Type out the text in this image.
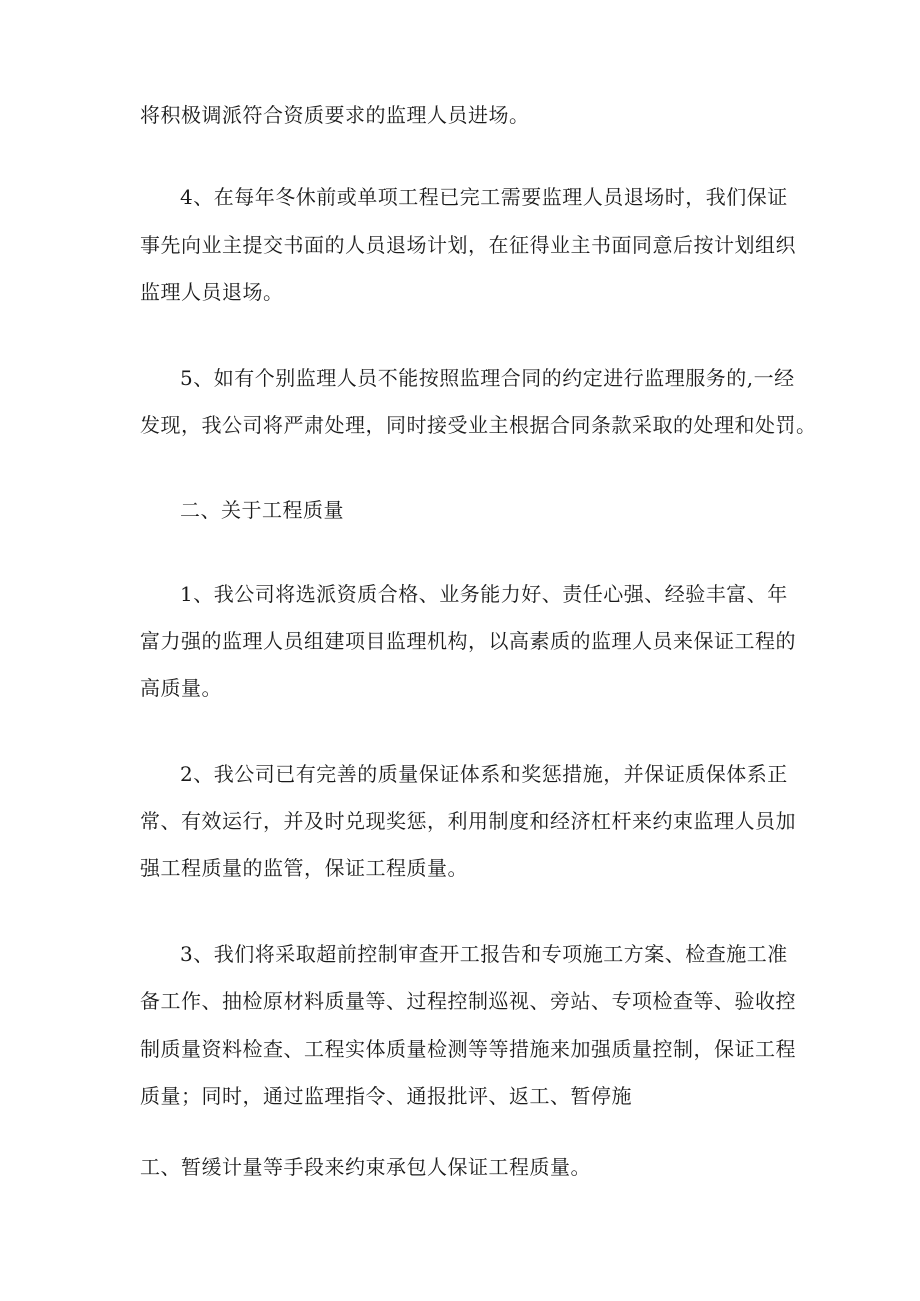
将积极调派符合资质要求的监理人员进场。
4、在每年冬休前或单项工程已完工需要监理人员退场时，我们保证
事先向业主提交书面的人员退场计划，在征得业主书面同意后按计划组织
监理人员退场。
5、如有个别监理人员不能按照监理合同的约定进行监理服务的,一经
发现，我公司将严肃处理，同时接受业主根据合同条款采取的处理和处罚。
二、关于工程质量
1、我公司将选派资质合格、业务能力好、责任心强、经验丰富、年
富力强的监理人员组建项目监理机构，以高素质的监理人员来保证工程的
高质量。
2、我公司已有完善的质量保证体系和奖惩措施，并保证质保体系正
常、有效运行，并及时兑现奖惩，利用制度和经济杠杆来约束监理人员加
强工程质量的监管，保证工程质量。
3、我们将采取超前控制审查开工报告和专项施工方案、检查施工准
备工作、抽检原材料质量等、过程控制巡视、旁站、专项检查等、验收控
制质量资料检查、工程实体质量检测等等措施来加强质量控制，保证工程
质量；同时，通过监理指令、通报批评、返工、暂停施
工、暂缓计量等手段来约束承包人保证工程质量。
